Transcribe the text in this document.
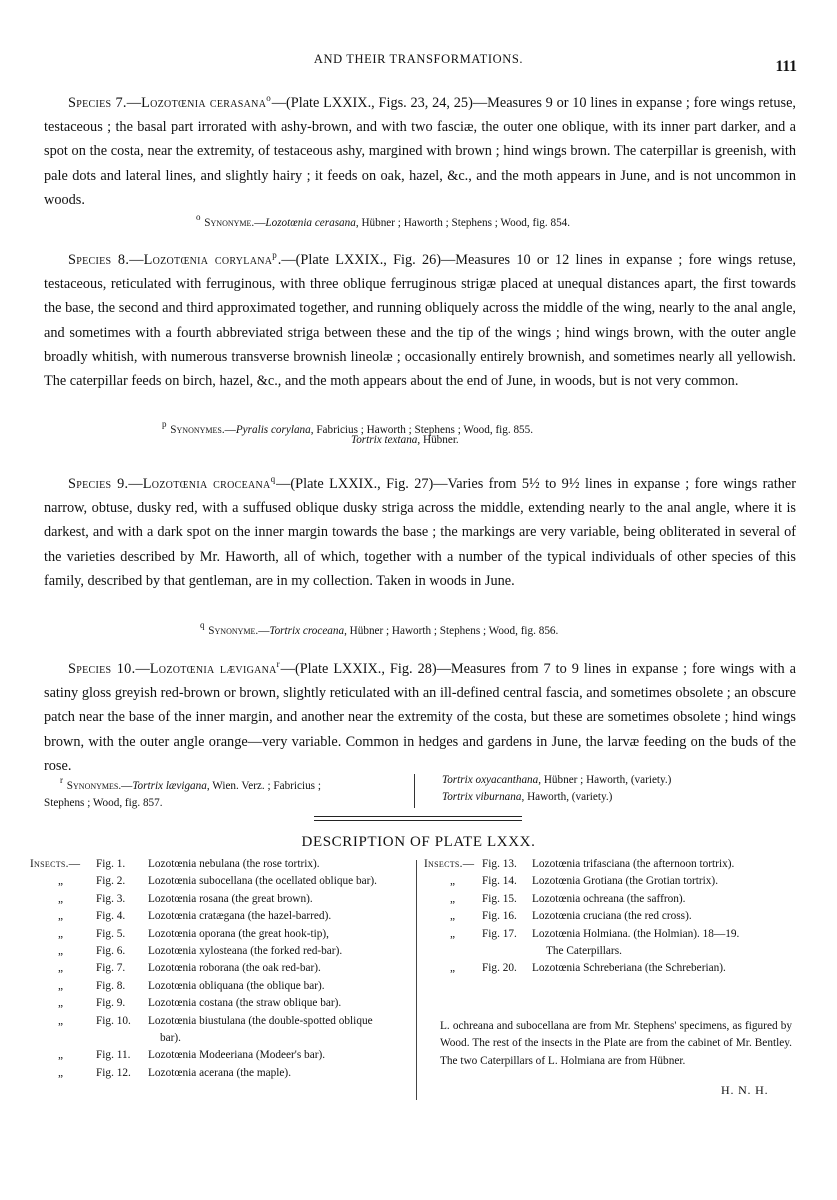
AND THEIR TRANSFORMATIONS.	111

Species 7.—Lozotœnia cerasana$^o$—(Plate LXXIX., Figs. 23, 24, 25)—Measures 9 or 10 lines in expanse ; fore wings retuse, testaceous ; the basal part irrorated with ashy-brown, and with two fasciæ, the outer one oblique, with its inner part darker, and a spot on the costa, near the extremity, of testaceous ashy, margined with brown ; hind wings brown. The caterpillar is greenish, with pale dots and lateral lines, and slightly hairy ; it feeds on oak, hazel, &c., and the moth appears in June, and is not uncommon in woods.

$^o$ Synonyme.—Lozotœnia cerasana, Hübner ; Haworth ; Stephens ; Wood, fig. 854.

Species 8.—Lozotœnia corylana$^p$.—(Plate LXXIX., Fig. 26)—Measures 10 or 12 lines in expanse ; fore wings retuse, testaceous, reticulated with ferruginous, with three oblique ferruginous strigæ placed at unequal distances apart, the first towards the base, the second and third approximated together, and running obliquely across the middle of the wing, nearly to the anal angle, and sometimes with a fourth abbreviated striga between these and the tip of the wings ; hind wings brown, with the outer angle broadly whitish, with numerous transverse brownish lineolæ ; occasionally entirely brownish, and sometimes nearly all yellowish. The caterpillar feeds on birch, hazel, &c., and the moth appears about the end of June, in woods, but is not very common.

$^p$ Synonymes.—Pyralis corylana, Fabricius ; Haworth ; Stephens ; Wood, fig. 855.
Tortrix textana, Hübner.

Species 9.—Lozotœnia croceana$^q$—(Plate LXXIX., Fig. 27)—Varies from 5½ to 9½ lines in expanse ; fore wings rather narrow, obtuse, dusky red, with a suffused oblique dusky striga across the middle, extending nearly to the anal angle, where it is darkest, and with a dark spot on the inner margin towards the base ; the markings are very variable, being obliterated in several of the varieties described by Mr. Haworth, all of which, together with a number of the typical individuals of other species of this family, described by that gentleman, are in my collection. Taken in woods in June.

$^q$ Synonyme.—Tortrix croceana, Hübner ; Haworth ; Stephens ; Wood, fig. 856.

Species 10.—Lozotœnia lævigana$^r$—(Plate LXXIX., Fig. 28)—Measures from 7 to 9 lines in expanse ; fore wings with a satiny gloss greyish red-brown or brown, slightly reticulated with an ill-defined central fascia, and sometimes obsolete ; an obscure patch near the base of the inner margin, and another near the extremity of the costa, but these are sometimes obsolete ; hind wings brown, with the outer angle orange—very variable. Common in hedges and gardens in June, the larvæ feeding on the buds of the rose.

$^r$ Synonymes.—Tortrix lævigana, Wien. Verz. ; Fabricius ;
Stephens ; Wood, fig. 857.
Tortrix oxyacanthana, Hübner ; Haworth, (variety.)
Tortrix viburnana, Haworth, (variety.)
DESCRIPTION OF PLATE LXXX.
Insects.— Fig. 1. Lozotœnia nebulana (the rose tortrix).
„	Fig. 2. Lozotœnia subocellana (the ocellated oblique bar).
„	Fig. 3. Lozotœnia rosana (the great brown).
„	Fig. 4. Lozotœnia cratægana (the hazel-barred).
„	Fig. 5. Lozotœnia oporana (the great hook-tip),
„	Fig. 6. Lozotœnia xylosteana (the forked red-bar).
„	Fig. 7. Lozotœnia roborana (the oak red-bar).
„	Fig. 8. Lozotœnia obliquana (the oblique bar).
„	Fig. 9. Lozotœnia costana (the straw oblique bar).
„	Fig. 10. Lozotœnia biustulana (the double-spotted oblique
bar).
„	Fig. 11. Lozotœnia Modeeriana (Modeer's bar).
„	Fig. 12. Lozotœnia acerana (the maple).
Insects.— Fig. 13. Lozotœnia trifasciana (the afternoon tortrix).
„ Fig. 14. Lozotœnia Grotiana (the Grotian tortrix).
„ Fig. 15. Lozotœnia ochreana (the saffron).
„ Fig. 16. Lozotœnia cruciana (the red cross).
„ Fig. 17. Lozotœnia Holmiana. (the Holmian). 18—19.
The Caterpillars.
„ Fig. 20. Lozotœnia Schreberiana (the Schreberian).
L. ochreana and subocellana are from Mr. Stephens' specimens, as figured by Wood. The rest of the insects in the Plate are from the cabinet of Mr. Bentley. The two Caterpillars of L. Holmiana are from Hübner.
H. N. H.
